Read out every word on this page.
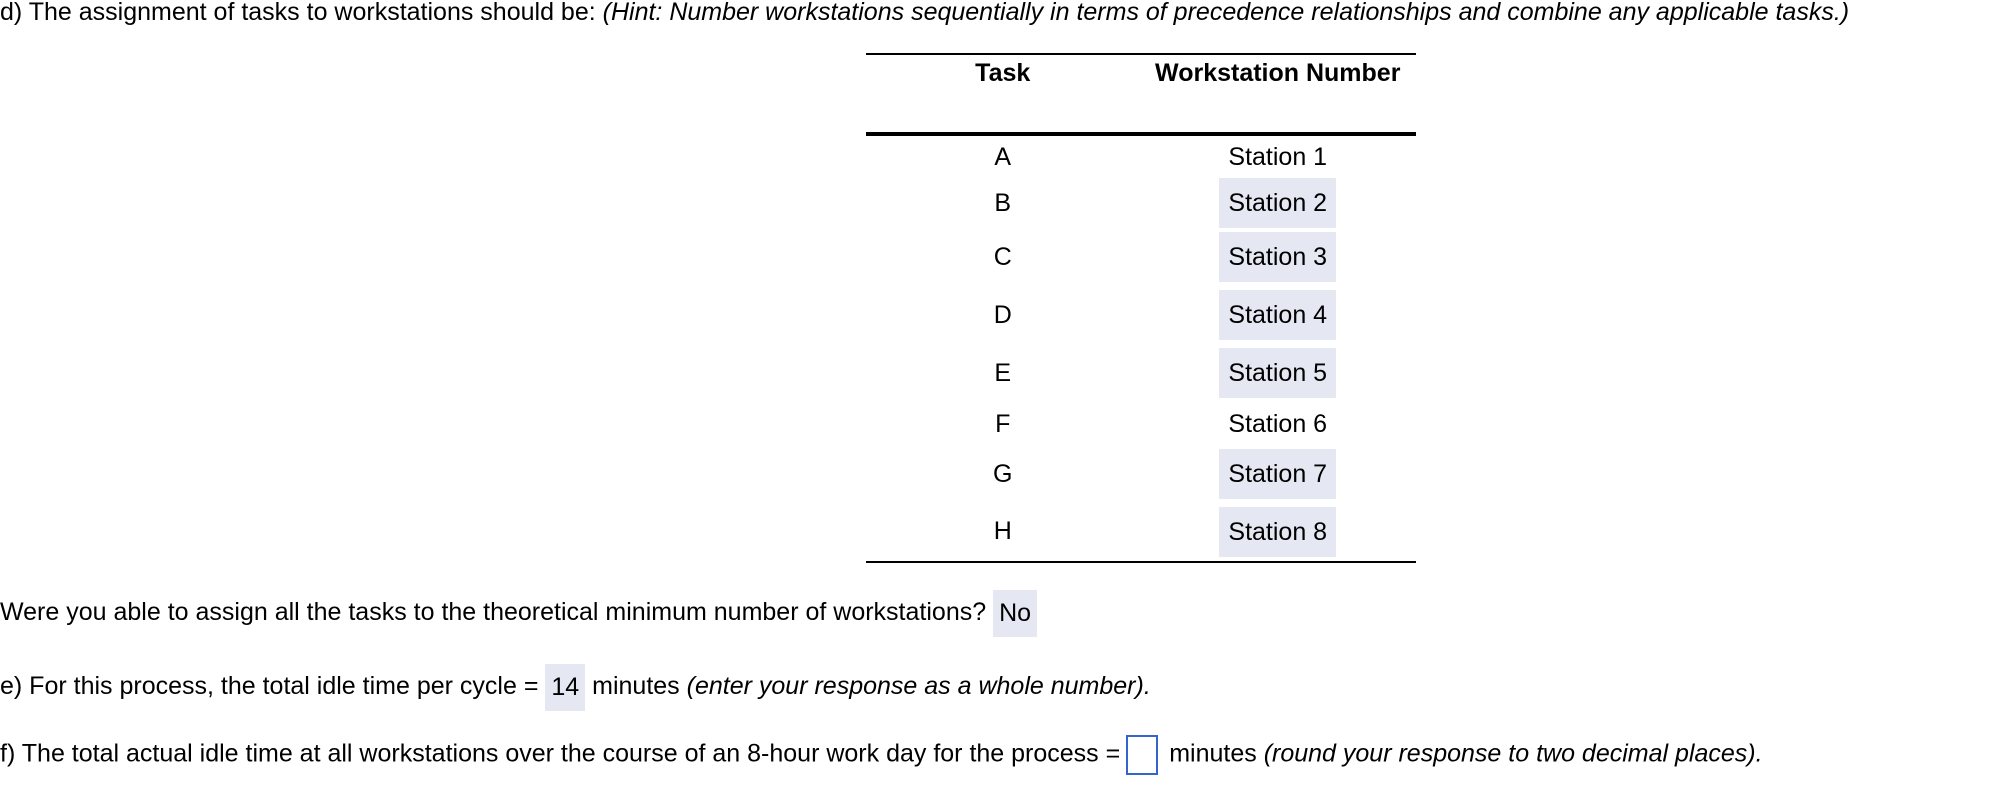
d) The assignment of tasks to workstations should be: (Hint: Number workstations sequentially in terms of precedence relationships and combine any applicable tasks.)
Task	Workstation Number
A	Station 1
B	Station 2
C	Station 3
D	Station 4
E	Station 5
F	Station 6
G	Station 7
H	Station 8
Were you able to assign all the tasks to the theoretical minimum number of workstations? No
e) For this process, the total idle time per cycle = 14 minutes (enter your response as a whole number).
f) The total actual idle time at all workstations over the course of an 8-hour work day for the process = minutes (round your response to two decimal places).
